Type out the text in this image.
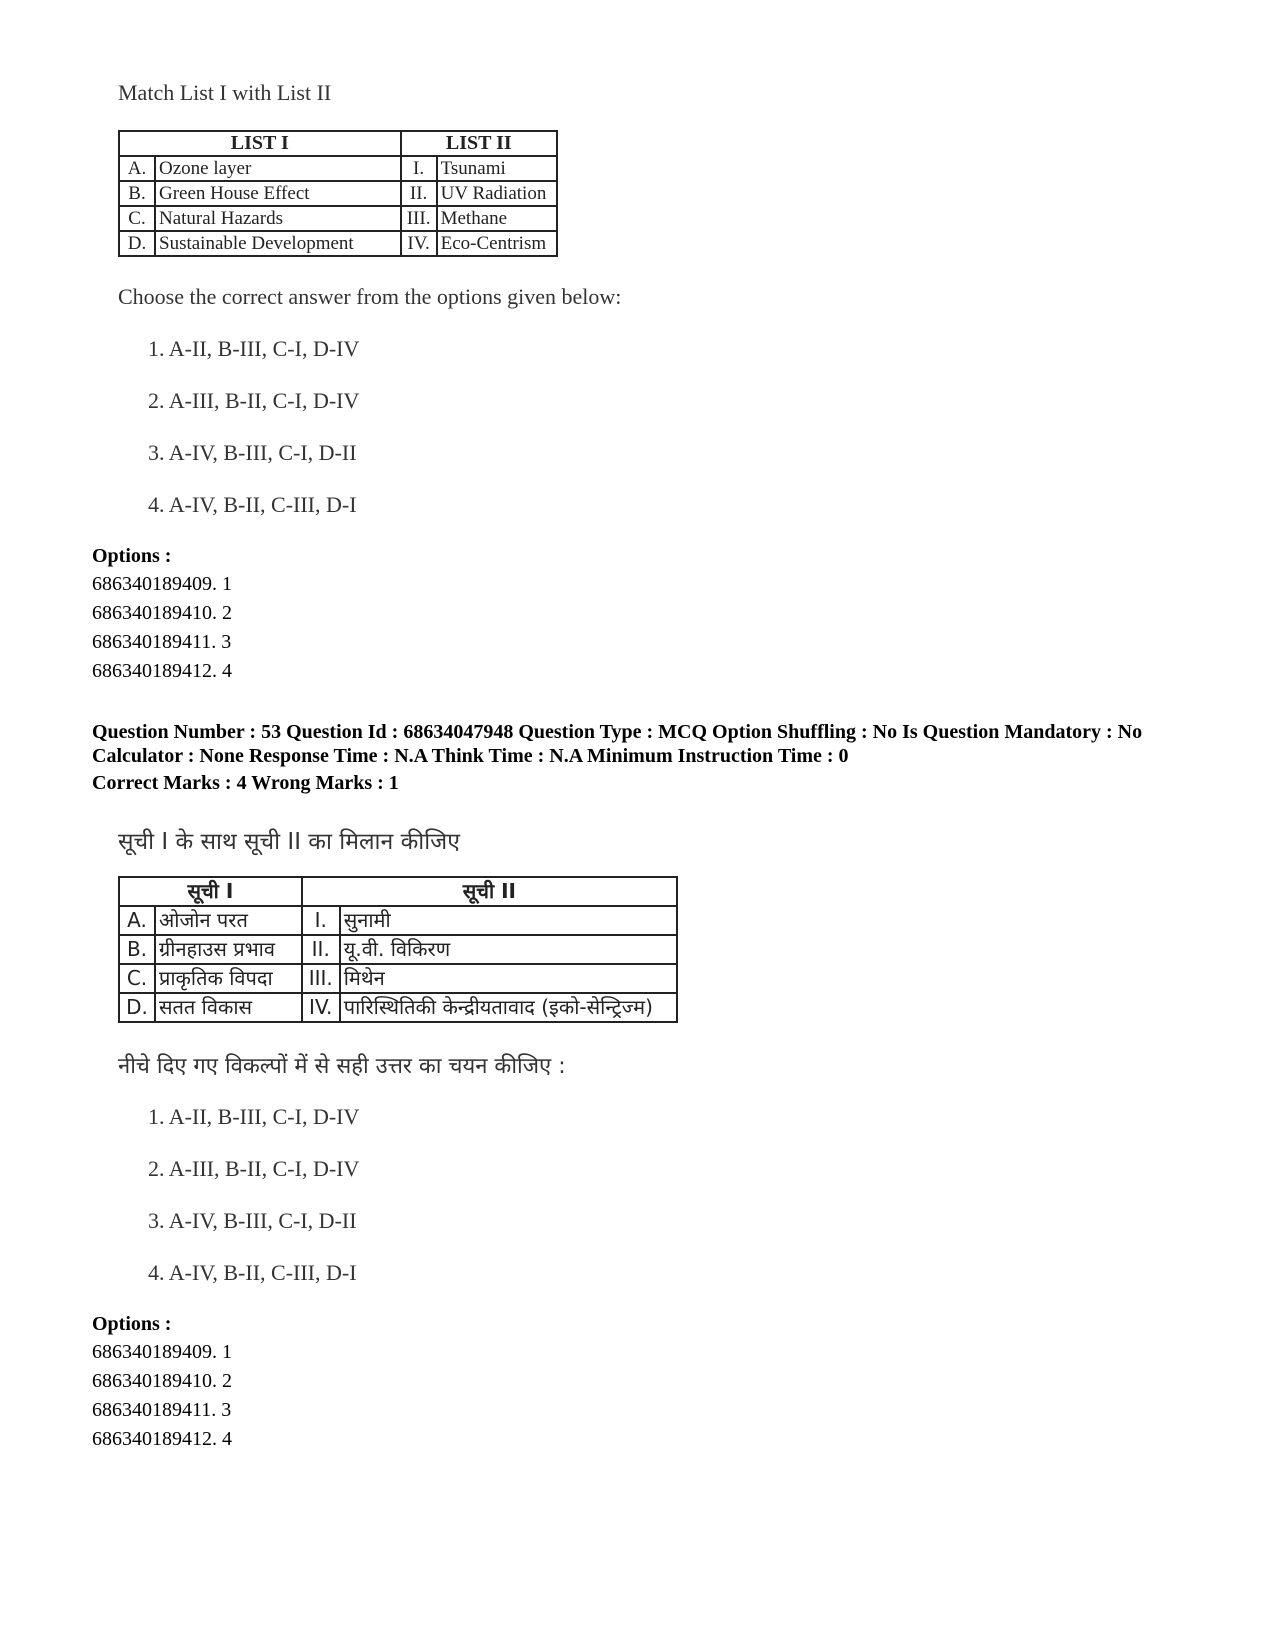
Match List I with List II
LIST I		LIST II	
A.	Ozone layer	I.	Tsunami
B.	Green House Effect	II.	UV Radiation
C.	Natural Hazards	III.	Methane
D.	Sustainable Development	IV.	Eco-Centrism
Choose the correct answer from the options given below:
1. A-II, B-III, C-I, D-IV
2. A-III, B-II, C-I, D-IV
3. A-IV, B-III, C-I, D-II
4. A-IV, B-II, C-III, D-I
Options :
686340189409. 1
686340189410. 2
686340189411. 3
686340189412. 4
Question Number : 53 Question Id : 68634047948 Question Type : MCQ Option Shuffling : No Is Question Mandatory : No Calculator : None Response Time : N.A Think Time : N.A Minimum Instruction Time : 0
Correct Marks : 4 Wrong Marks : 1
सूची I के साथ सूची II का मिलान कीजिए
सूची I		सूची II	
A.	ओजोन परत	I.	सुनामी
B.	ग्रीनहाउस प्रभाव	II.	यू.वी. विकिरण
C.	प्राकृतिक विपदा	III.	मिथेन
D.	सतत विकास	IV.	पारिस्थितिकी केन्द्रीयतावाद (इको-सेन्ट्रिज्म)
नीचे दिए गए विकल्पों में से सही उत्तर का चयन कीजिए :
1. A-II, B-III, C-I, D-IV
2. A-III, B-II, C-I, D-IV
3. A-IV, B-III, C-I, D-II
4. A-IV, B-II, C-III, D-I
Options :
686340189409. 1
686340189410. 2
686340189411. 3
686340189412. 4
